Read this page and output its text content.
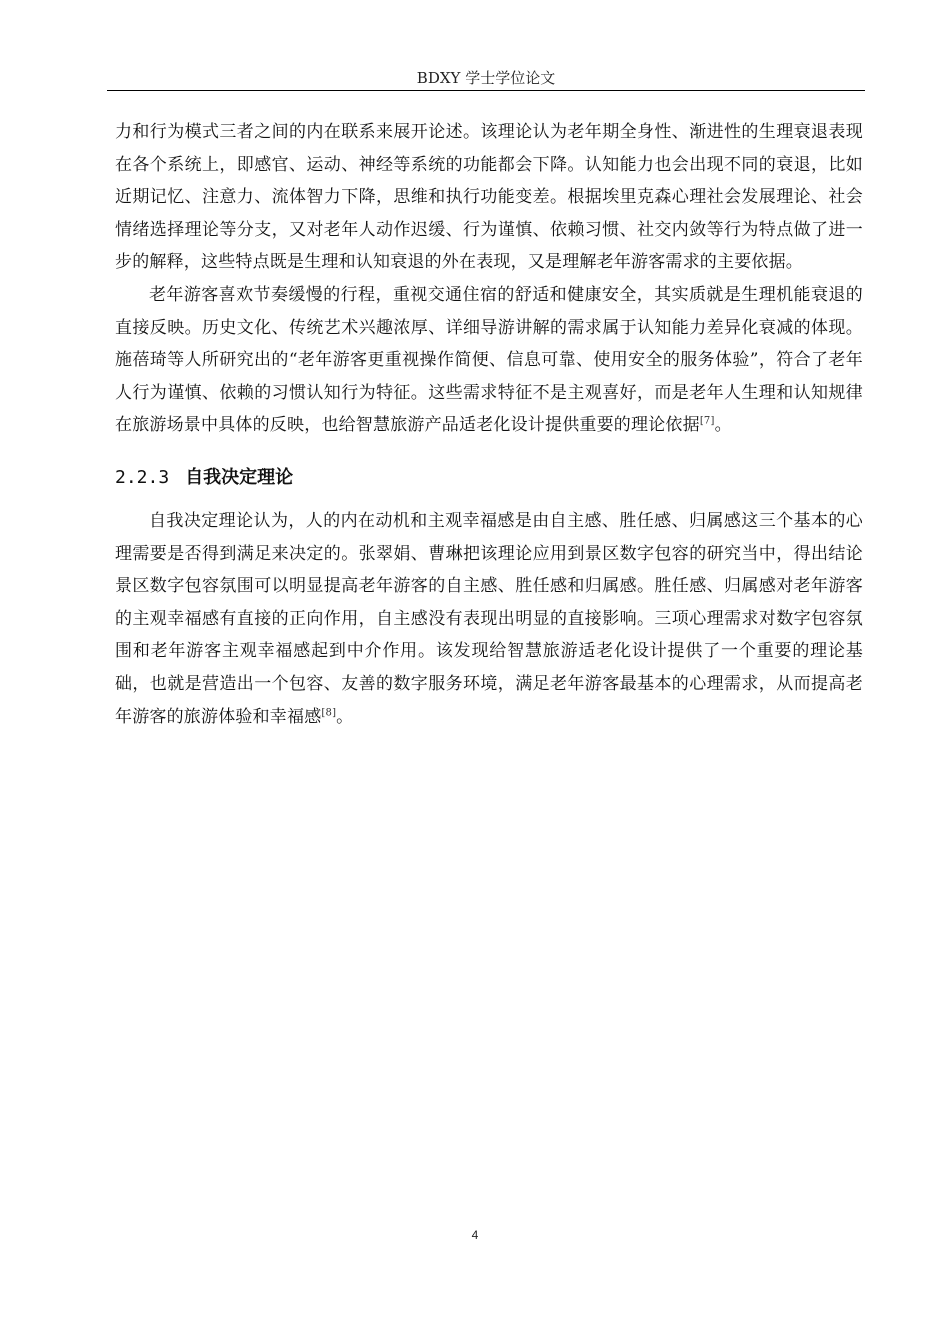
BDXY 学士学位论文

力和行为模式三者之间的内在联系来展开论述。该理论认为老年期全身性、渐进性的生理衰退表现在各个系统上，即感官、运动、神经等系统的功能都会下降。认知能力也会出现不同的衰退，比如近期记忆、注意力、流体智力下降，思维和执行功能变差。根据埃里克森心理社会发展理论、社会情绪选择理论等分支，又对老年人动作迟缓、行为谨慎、依赖习惯、社交内敛等行为特点做了进一步的解释，这些特点既是生理和认知衰退的外在表现，又是理解老年游客需求的主要依据。

老年游客喜欢节奏缓慢的行程，重视交通住宿的舒适和健康安全，其实质就是生理机能衰退的直接反映。历史文化、传统艺术兴趣浓厚、详细导游讲解的需求属于认知能力差异化衰减的体现。施蓓琦等人所研究出的“老年游客更重视操作简便、信息可靠、使用安全的服务体验”，符合了老年人行为谨慎、依赖的习惯认知行为特征。这些需求特征不是主观喜好，而是老年人生理和认知规律在旅游场景中具体的反映，也给智慧旅游产品适老化设计提供重要的理论依据[7]。

2.2.3 自我决定理论

自我决定理论认为，人的内在动机和主观幸福感是由自主感、胜任感、归属感这三个基本的心理需要是否得到满足来决定的。张翠娟、曹琳把该理论应用到景区数字包容的研究当中，得出结论景区数字包容氛围可以明显提高老年游客的自主感、胜任感和归属感。胜任感、归属感对老年游客的主观幸福感有直接的正向作用，自主感没有表现出明显的直接影响。三项心理需求对数字包容氛围和老年游客主观幸福感起到中介作用。该发现给智慧旅游适老化设计提供了一个重要的理论基础，也就是营造出一个包容、友善的数字服务环境，满足老年游客最基本的心理需求，从而提高老年游客的旅游体验和幸福感[8]。

4
